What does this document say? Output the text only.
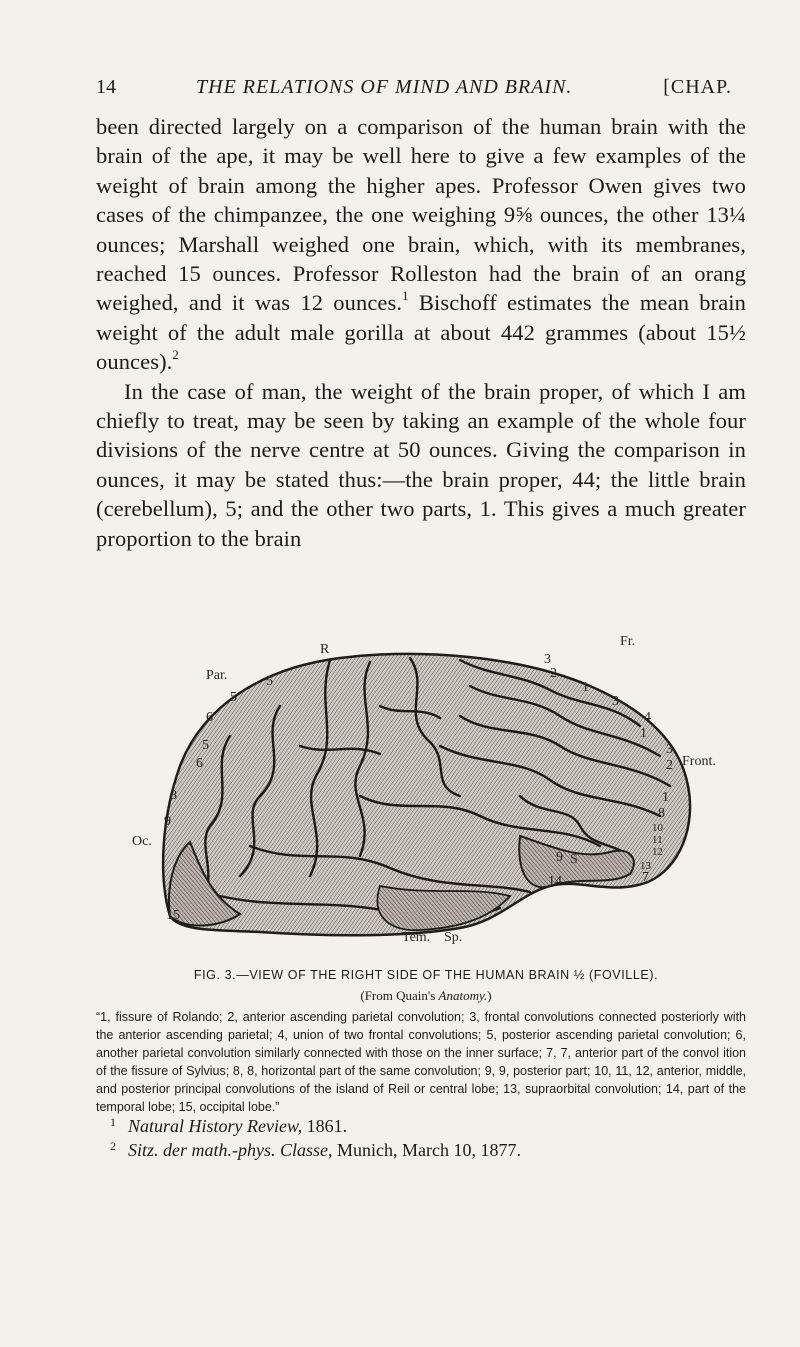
14	THE RELATIONS OF MIND AND BRAIN.	[CHAP.

been directed largely on a comparison of the human brain with the brain of the ape, it may be well here to give a few examples of the weight of brain among the higher apes. Professor Owen gives two cases of the chimpanzee, the one weighing 9⅝ ounces, the other 13¼ ounces; Marshall weighed one brain, which, with its membranes, reached 15 ounces. Professor Rolleston had the brain of an orang weighed, and it was 12 ounces.$^1$ Bischoff estimates the mean brain weight of the adult male gorilla at about 442 grammes (about 15½ ounces).$^2$

In the case of man, the weight of the brain proper, of which I am chiefly to treat, may be seen by taking an example of the whole four divisions of the nerve centre at 50 ounces. Giving the comparison in ounces, it may be stated thus:—the brain proper, 44; the little brain (cerebellum), 5; and the other two parts, 1. This gives a much greater proportion to the brain

R
Fr.
Par.
Front.
Oc.
Tem. Sp.
S
5
5
6'
5
6
8
9
15
3
2
1
3
4
1
3
2
1
8
10
11
12
13
7
9
14
FIG. 3.—VIEW OF THE RIGHT SIDE OF THE HUMAN BRAIN ½ (FOVILLE).
(From Quain's Anatomy.)

“1, fissure of Rolando; 2, anterior ascending parietal convolution; 3, frontal convolutions connected posteriorly with the anterior ascending parietal; 4, union of two frontal convolutions; 5, posterior ascending parietal convolution; 6, another parietal convolution similarly connected with those on the inner surface; 7, 7, anterior part of the convol ition of the fissure of Sylvius; 8, 8, horizontal part of the same convolution; 9, 9, posterior part; 10, 11, 12, anterior, middle, and posterior principal convolutions of the island of Reil or central lobe; 13, supraorbital convolution; 14, part of the temporal lobe; 15, occipital lobe.”

1 Natural History Review, 1861.
2 Sitz. der math.-phys. Classe, Munich, March 10, 1877.
